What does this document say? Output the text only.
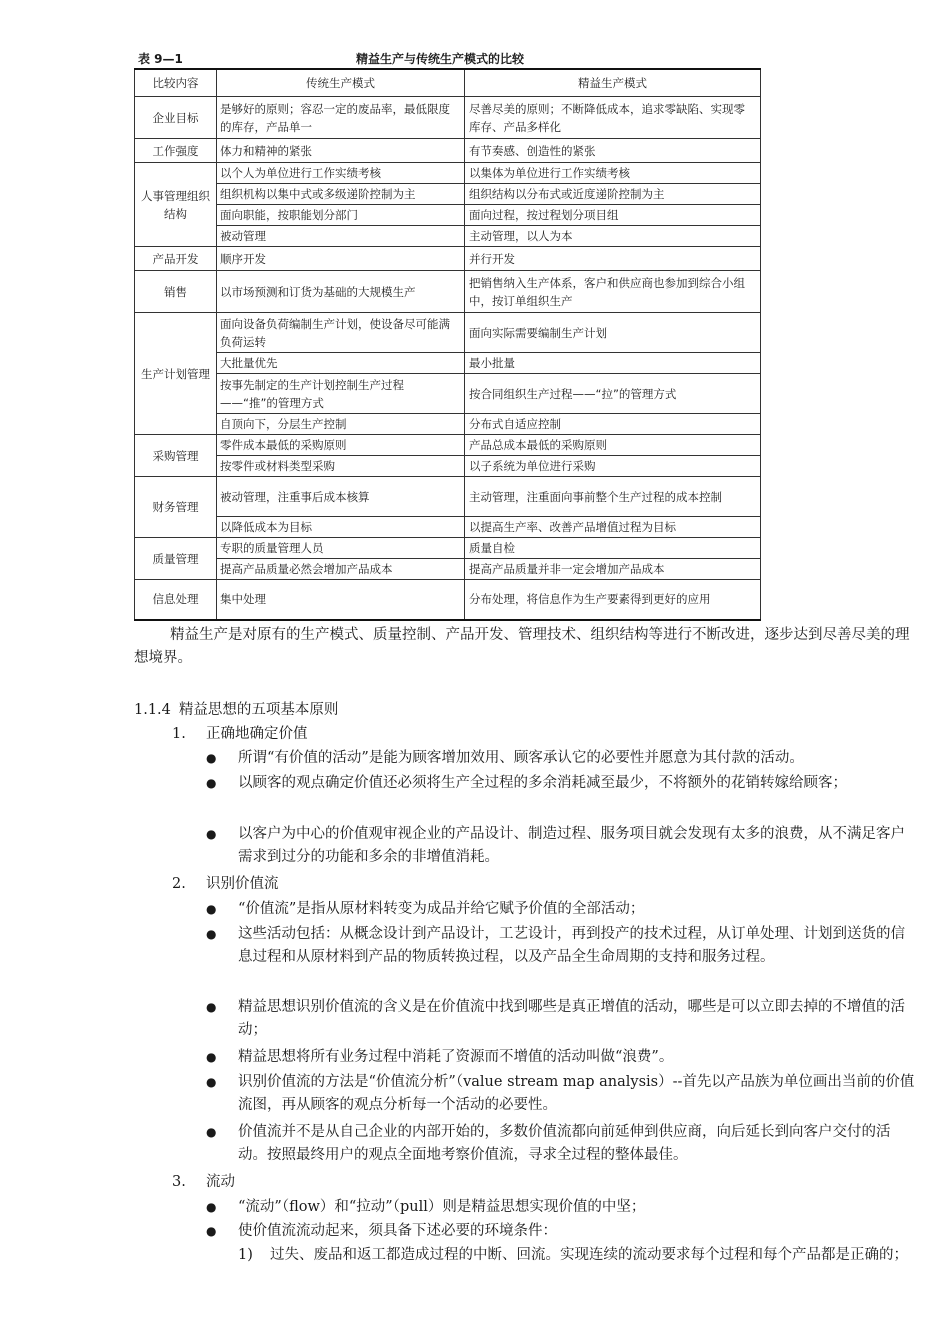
表 9—1	精益生产与传统生产模式的比较
比较内容	传统生产模式	精益生产模式
企业目标	是够好的原则；容忍一定的废品率，最低限度的库存，产品单一	尽善尽美的原则；不断降低成本，追求零缺陷、实现零库存、产品多样化
工作强度	体力和精神的紧张	有节奏感、创造性的紧张
人事管理组织结构	以个人为单位进行工作实绩考核	以集体为单位进行工作实绩考核
	组织机构以集中式或多级递阶控制为主	组织结构以分布式或近度递阶控制为主
	面向职能，按职能划分部门	面向过程，按过程划分项目组
	被动管理	主动管理，以人为本
产品开发	顺序开发	并行开发
销售	以市场预测和订货为基础的大规模生产	把销售纳入生产体系，客户和供应商也参加到综合小组中，按订单组织生产
生产计划管理	面向设备负荷编制生产计划，使设备尽可能满负荷运转	面向实际需要编制生产计划
	大批量优先	最小批量
	按事先制定的生产计划控制生产过程——“推”的管理方式	按合同组织生产过程——“拉”的管理方式
	自顶向下，分层生产控制	分布式自适应控制
采购管理	零件成本最低的采购原则	产品总成本最低的采购原则
	按零件或材料类型采购	以子系统为单位进行采购
财务管理	被动管理，注重事后成本核算	主动管理，注重面向事前整个生产过程的成本控制
	以降低成本为目标	以提高生产率、改善产品增值过程为目标
质量管理	专职的质量管理人员	质量自检
	提高产品质量必然会增加产品成本	提高产品质量并非一定会增加产品成本
信息处理	集中处理	分布处理，将信息作为生产要素得到更好的应用
精益生产是对原有的生产模式、质量控制、产品开发、管理技术、组织结构等进行不断改进，逐步达到尽善尽美的理想境界。
1.1.4 精益思想的五项基本原则
1. 正确地确定价值
● 所谓“有价值的活动”是能为顾客增加效用、顾客承认它的必要性并愿意为其付款的活动。
● 以顾客的观点确定价值还必须将生产全过程的多余消耗减至最少，不将额外的花销转嫁给顾客；
● 以客户为中心的价值观审视企业的产品设计、制造过程、服务项目就会发现有太多的浪费，从不满足客户需求到过分的功能和多余的非增值消耗。
2. 识别价值流
● “价值流”是指从原材料转变为成品并给它赋予价值的全部活动；
● 这些活动包括：从概念设计到产品设计，工艺设计，再到投产的技术过程，从订单处理、计划到送货的信息过程和从原材料到产品的物质转换过程，以及产品全生命周期的支持和服务过程。
● 精益思想识别价值流的含义是在价值流中找到哪些是真正增值的活动，哪些是可以立即去掉的不增值的活动；
● 精益思想将所有业务过程中消耗了资源而不增值的活动叫做“浪费”。
● 识别价值流的方法是“价值流分析”（value stream map analysis）--首先以产品族为单位画出当前的价值流图，再从顾客的观点分析每一个活动的必要性。
● 价值流并不是从自己企业的内部开始的，多数价值流都向前延伸到供应商，向后延长到向客户交付的活动。按照最终用户的观点全面地考察价值流，寻求全过程的整体最佳。
3. 流动
● “流动”（flow）和“拉动”（pull）则是精益思想实现价值的中坚；
● 使价值流流动起来，须具备下述必要的环境条件：
1) 过失、废品和返工都造成过程的中断、回流。实现连续的流动要求每个过程和每个产品都是正确的；
